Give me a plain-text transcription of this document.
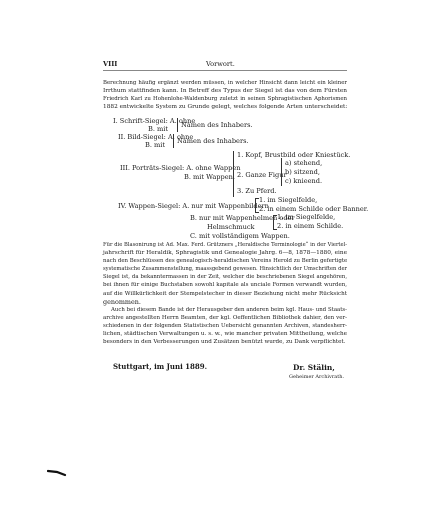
VIII	Vorwort.
Berechnung häufig ergänzt werden müssen, in welcher Hinsicht dann leicht ein kleiner
Irrthum stattfinden kann. In Betreff des Typus der Siegel ist das von dem Fürsten
Friedrich Karl zu Hohenlohe-Waldenburg zuletzt in seinen Sphragistischen Aphorismen
1882 entwickelte System zu Grunde gelegt, welches folgende Arten unterscheidet:
I. Schrift-Siegel: A. ohne
B. mit Namen des Inhabers.
II. Bild-Siegel: A. ohne
B. mit Namen des Inhabers.
III. Porträts-Siegel: A. ohne Wappen
B. mit Wappen.
1. Kopf, Brustbild oder Kniestück.
2. Ganze Figur
a) stehend,
b) sitzend,
c) knieend.
3. Zu Pferd.
IV. Wappen-Siegel: A. nur mit Wappenbildern
1. im Siegelfelde,
2. in einem Schilde oder Banner.
B. nur mit Wappenhelmen oder
Helmschmuck
1. im Siegelfelde,
2. in einem Schilde.
C. mit vollständigem Wappen.
Für die Blasonirung ist Ad. Max. Ferd. Grützners „Heraldische Terminologie“ in der Viertel-
jahrschrift für Heraldik, Sphragistik und Genealogie Jahrg. 6—8, 1878—1880, eine
nach den Beschlüssen des genealogisch-heraldischen Vereins Herold zu Berlin gefertigte
systematische Zusammenstellung, maassgebend gewesen. Hinsichtlich der Umschriften der
Siegel ist, da bekanntermassen in der Zeit, welcher die beschriebenen Siegel angehören,
bei ihnen für einige Buchstaben sowohl kapitale als unciale Formen verwandt wurden,
auf die Willkürlichkeit der Stempelstecher in dieser Beziehung nicht mehr Rücksicht
genommen.
Auch bei diesem Bande ist der Herausgeber den anderen beim kgl. Haus- und Staats-
archive angestellten Herrn Beamten, der kgl. Oeffentlichen Bibliothek dahier, den ver-
schiedenen in der folgenden Statistischen Uebersicht genannten Archiven, standesherr-
lichen, städtischen Verwaltungen u. s. w., wie mancher privaten Mittheilung, welche
besonders in den Verbesserungen und Zusätzen benützt wurde, zu Dank verpflichtet.
Stuttgart, im Juni 1889.	Dr. Stälin,
Geheimer Archivrath.
